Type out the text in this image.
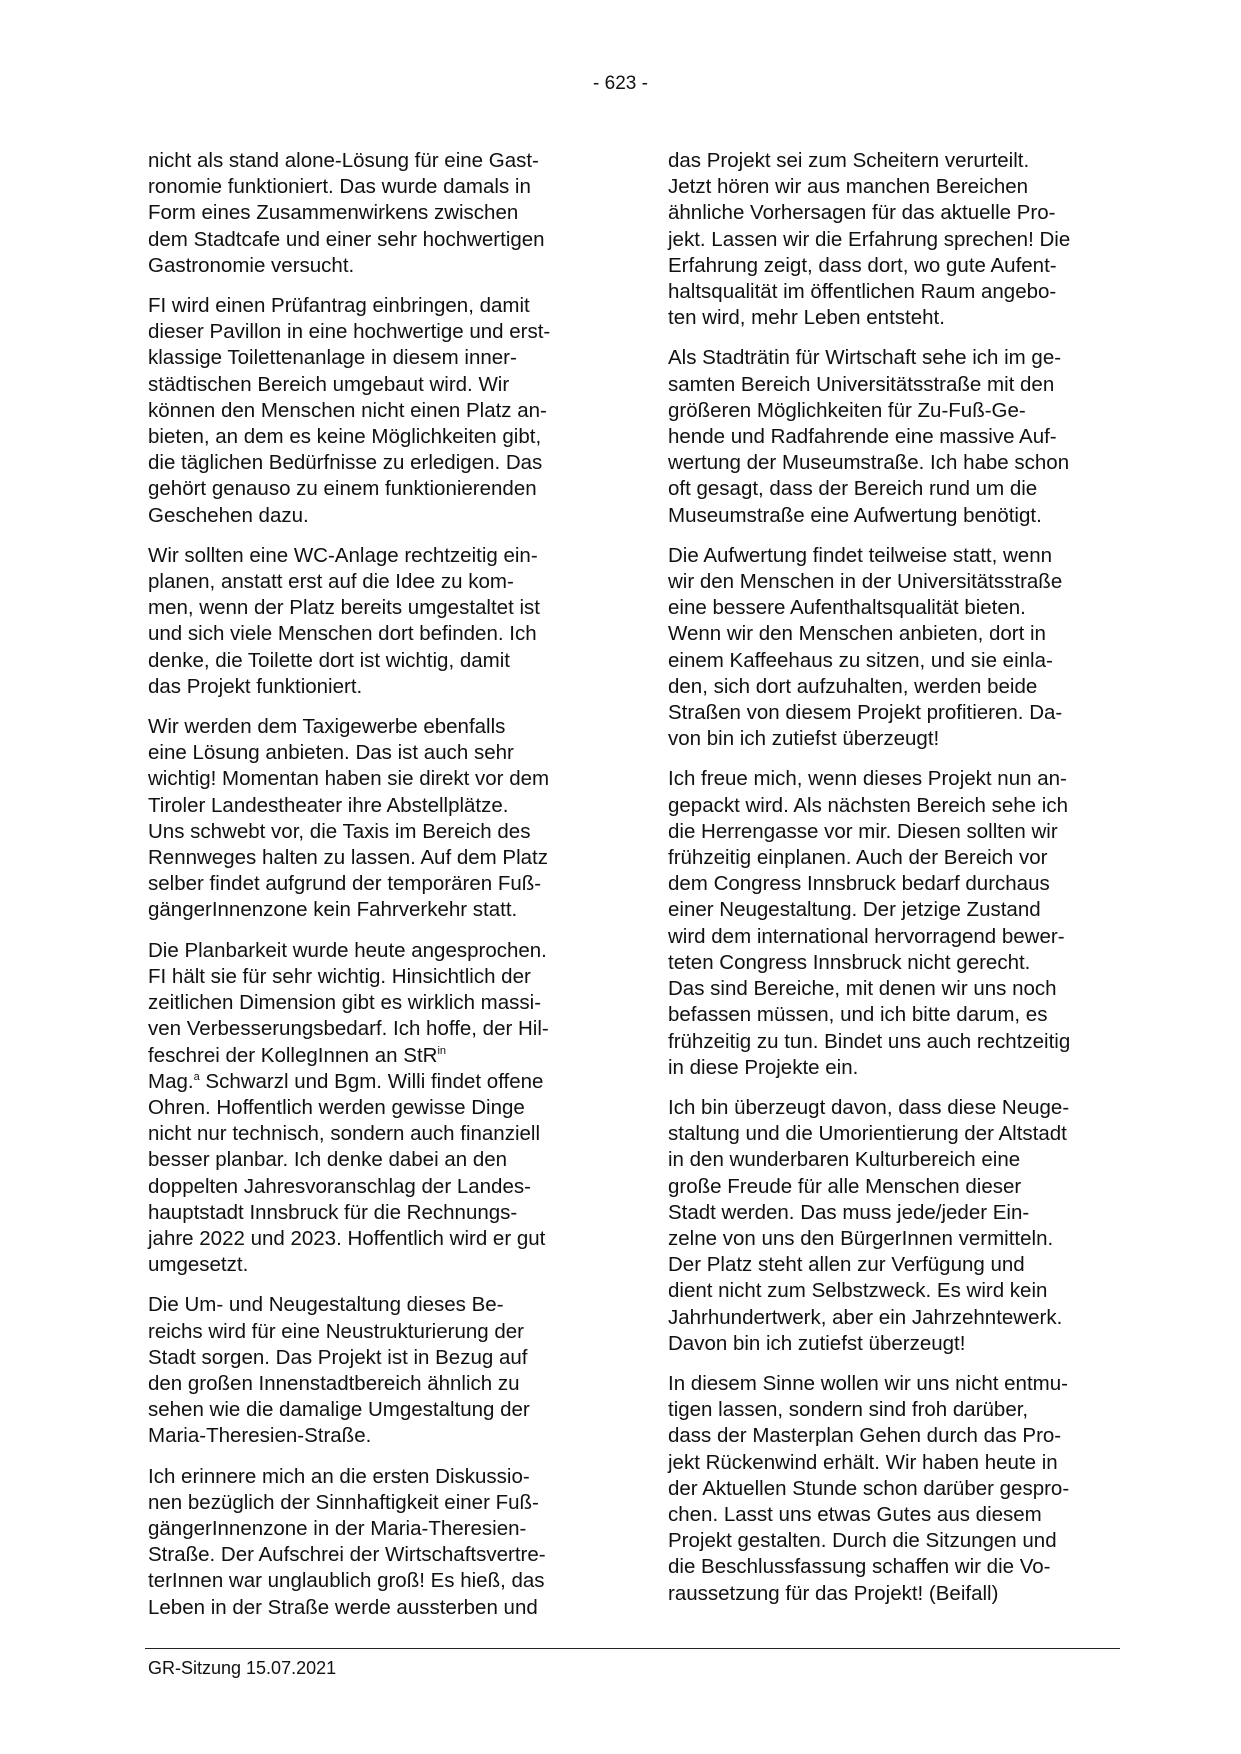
- 623 -

nicht als stand alone-Lösung für eine Gast-
ronomie funktioniert. Das wurde damals in
Form eines Zusammenwirkens zwischen
dem Stadtcafe und einer sehr hochwertigen
Gastronomie versucht.

FI wird einen Prüfantrag einbringen, damit
dieser Pavillon in eine hochwertige und erst-
klassige Toilettenanlage in diesem inner-
städtischen Bereich umgebaut wird. Wir
können den Menschen nicht einen Platz an-
bieten, an dem es keine Möglichkeiten gibt,
die täglichen Bedürfnisse zu erledigen. Das
gehört genauso zu einem funktionierenden
Geschehen dazu.

Wir sollten eine WC-Anlage rechtzeitig ein-
planen, anstatt erst auf die Idee zu kom-
men, wenn der Platz bereits umgestaltet ist
und sich viele Menschen dort befinden. Ich
denke, die Toilette dort ist wichtig, damit
das Projekt funktioniert.

Wir werden dem Taxigewerbe ebenfalls
eine Lösung anbieten. Das ist auch sehr
wichtig! Momentan haben sie direkt vor dem
Tiroler Landestheater ihre Abstellplätze.
Uns schwebt vor, die Taxis im Bereich des
Rennweges halten zu lassen. Auf dem Platz
selber findet aufgrund der temporären Fuß-
gängerInnenzone kein Fahrverkehr statt.

Die Planbarkeit wurde heute angesprochen.
FI hält sie für sehr wichtig. Hinsichtlich der
zeitlichen Dimension gibt es wirklich massi-
ven Verbesserungsbedarf. Ich hoffe, der Hil-
feschrei der KollegInnen an StR$^{in}$
Mag.$^a$ Schwarzl und Bgm. Willi findet offene
Ohren. Hoffentlich werden gewisse Dinge
nicht nur technisch, sondern auch finanziell
besser planbar. Ich denke dabei an den
doppelten Jahresvoranschlag der Landes-
hauptstadt Innsbruck für die Rechnungs-
jahre 2022 und 2023. Hoffentlich wird er gut
umgesetzt.

Die Um- und Neugestaltung dieses Be-
reichs wird für eine Neustrukturierung der
Stadt sorgen. Das Projekt ist in Bezug auf
den großen Innenstadtbereich ähnlich zu
sehen wie die damalige Umgestaltung der
Maria-Theresien-Straße.

Ich erinnere mich an die ersten Diskussio-
nen bezüglich der Sinnhaftigkeit einer Fuß-
gängerInnenzone in der Maria-Theresien-
Straße. Der Aufschrei der Wirtschaftsvertre-
terInnen war unglaublich groß! Es hieß, das
Leben in der Straße werde aussterben und

das Projekt sei zum Scheitern verurteilt.
Jetzt hören wir aus manchen Bereichen
ähnliche Vorhersagen für das aktuelle Pro-
jekt. Lassen wir die Erfahrung sprechen! Die
Erfahrung zeigt, dass dort, wo gute Aufent-
haltsqualität im öffentlichen Raum angebo-
ten wird, mehr Leben entsteht.

Als Stadträtin für Wirtschaft sehe ich im ge-
samten Bereich Universitätsstraße mit den
größeren Möglichkeiten für Zu-Fuß-Ge-
hende und Radfahrende eine massive Auf-
wertung der Museumstraße. Ich habe schon
oft gesagt, dass der Bereich rund um die
Museumstraße eine Aufwertung benötigt.

Die Aufwertung findet teilweise statt, wenn
wir den Menschen in der Universitätsstraße
eine bessere Aufenthaltsqualität bieten.
Wenn wir den Menschen anbieten, dort in
einem Kaffeehaus zu sitzen, und sie einla-
den, sich dort aufzuhalten, werden beide
Straßen von diesem Projekt profitieren. Da-
von bin ich zutiefst überzeugt!

Ich freue mich, wenn dieses Projekt nun an-
gepackt wird. Als nächsten Bereich sehe ich
die Herrengasse vor mir. Diesen sollten wir
frühzeitig einplanen. Auch der Bereich vor
dem Congress Innsbruck bedarf durchaus
einer Neugestaltung. Der jetzige Zustand
wird dem international hervorragend bewer-
teten Congress Innsbruck nicht gerecht.
Das sind Bereiche, mit denen wir uns noch
befassen müssen, und ich bitte darum, es
frühzeitig zu tun. Bindet uns auch rechtzeitig
in diese Projekte ein.

Ich bin überzeugt davon, dass diese Neuge-
staltung und die Umorientierung der Altstadt
in den wunderbaren Kulturbereich eine
große Freude für alle Menschen dieser
Stadt werden. Das muss jede/jeder Ein-
zelne von uns den BürgerInnen vermitteln.
Der Platz steht allen zur Verfügung und
dient nicht zum Selbstzweck. Es wird kein
Jahrhundertwerk, aber ein Jahrzehntewerk.
Davon bin ich zutiefst überzeugt!

In diesem Sinne wollen wir uns nicht entmu-
tigen lassen, sondern sind froh darüber,
dass der Masterplan Gehen durch das Pro-
jekt Rückenwind erhält. Wir haben heute in
der Aktuellen Stunde schon darüber gespro-
chen. Lasst uns etwas Gutes aus diesem
Projekt gestalten. Durch die Sitzungen und
die Beschlussfassung schaffen wir die Vo-
raussetzung für das Projekt! (Beifall)

GR-Sitzung 15.07.2021
